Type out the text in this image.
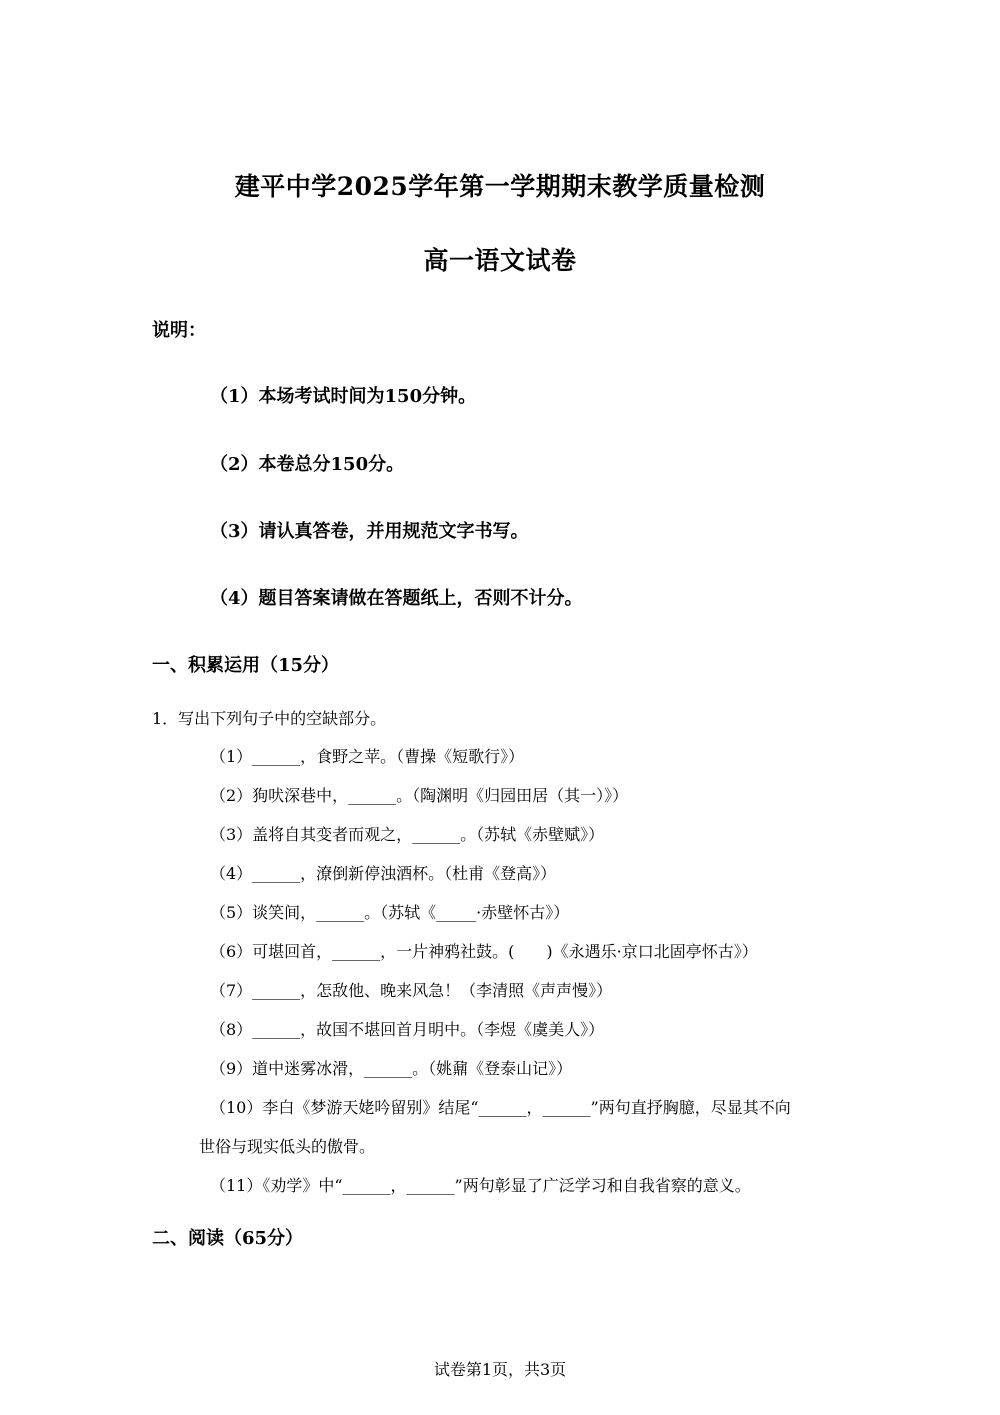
建平中学2025学年第一学期期末教学质量检测
高一语文试卷
说明：
（1）本场考试时间为150分钟。
（2）本卷总分150分。
（3）请认真答卷，并用规范文字书写。
（4）题目答案请做在答题纸上，否则不计分。
一、积累运用（15分）
1．写出下列句子中的空缺部分。
（1）______，食野之苹。（曹操《短歌行》）
（2）狗吠深巷中，______。（陶渊明《归园田居（其一）》）
（3）盖将自其变者而观之，______。（苏轼《赤壁赋》）
（4）______，潦倒新停浊酒杯。（杜甫《登高》）
（5）谈笑间，______。（苏轼《_____·赤壁怀古》）
（6）可堪回首，______，一片神鸦社鼓。(　　)《永遇乐·京口北固亭怀古》）
（7）______，怎敌他、晚来风急！（李清照《声声慢》）
（8）______，故国不堪回首月明中。（李煜《虞美人》）
（9）道中迷雾冰滑，______。（姚鼐《登泰山记》）
（10）李白《梦游天姥吟留别》结尾“______，______”两句直抒胸臆，尽显其不向
世俗与现实低头的傲骨。
（11）《劝学》中“______，______”两句彰显了广泛学习和自我省察的意义。
二、阅读（65分）
试卷第1页，共3页
